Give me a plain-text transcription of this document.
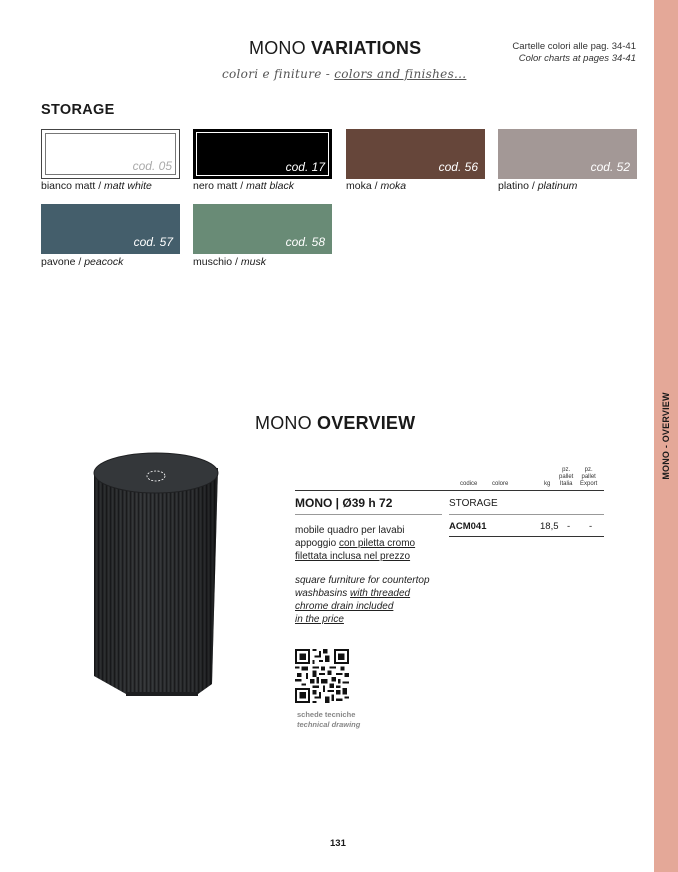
MONO - OVERVIEW
MONO VARIATIONS
colori e finiture - colors and finishes...
Cartelle colori alle pag. 34-41
Color charts at pages 34-41
STORAGE
cod. 05
bianco matt / matt white
cod. 17
nero matt / matt black
cod. 56
moka / moka
cod. 52
platino / platinum
cod. 57
pavone / peacock
cod. 58
muschio / musk
MONO OVERVIEW
codice colore	kg
pz.
pallet
Italia
pz.
pallet
Export
MONO | Ø39 h 72	STORAGE
ACM041	18,5 - -
mobile quadro per lavabi
appoggio con piletta cromo
filettata inclusa nel prezzo
square furniture for countertop
washbasins with threaded
chrome drain included
in the price
schede tecniche
technical drawing
131
